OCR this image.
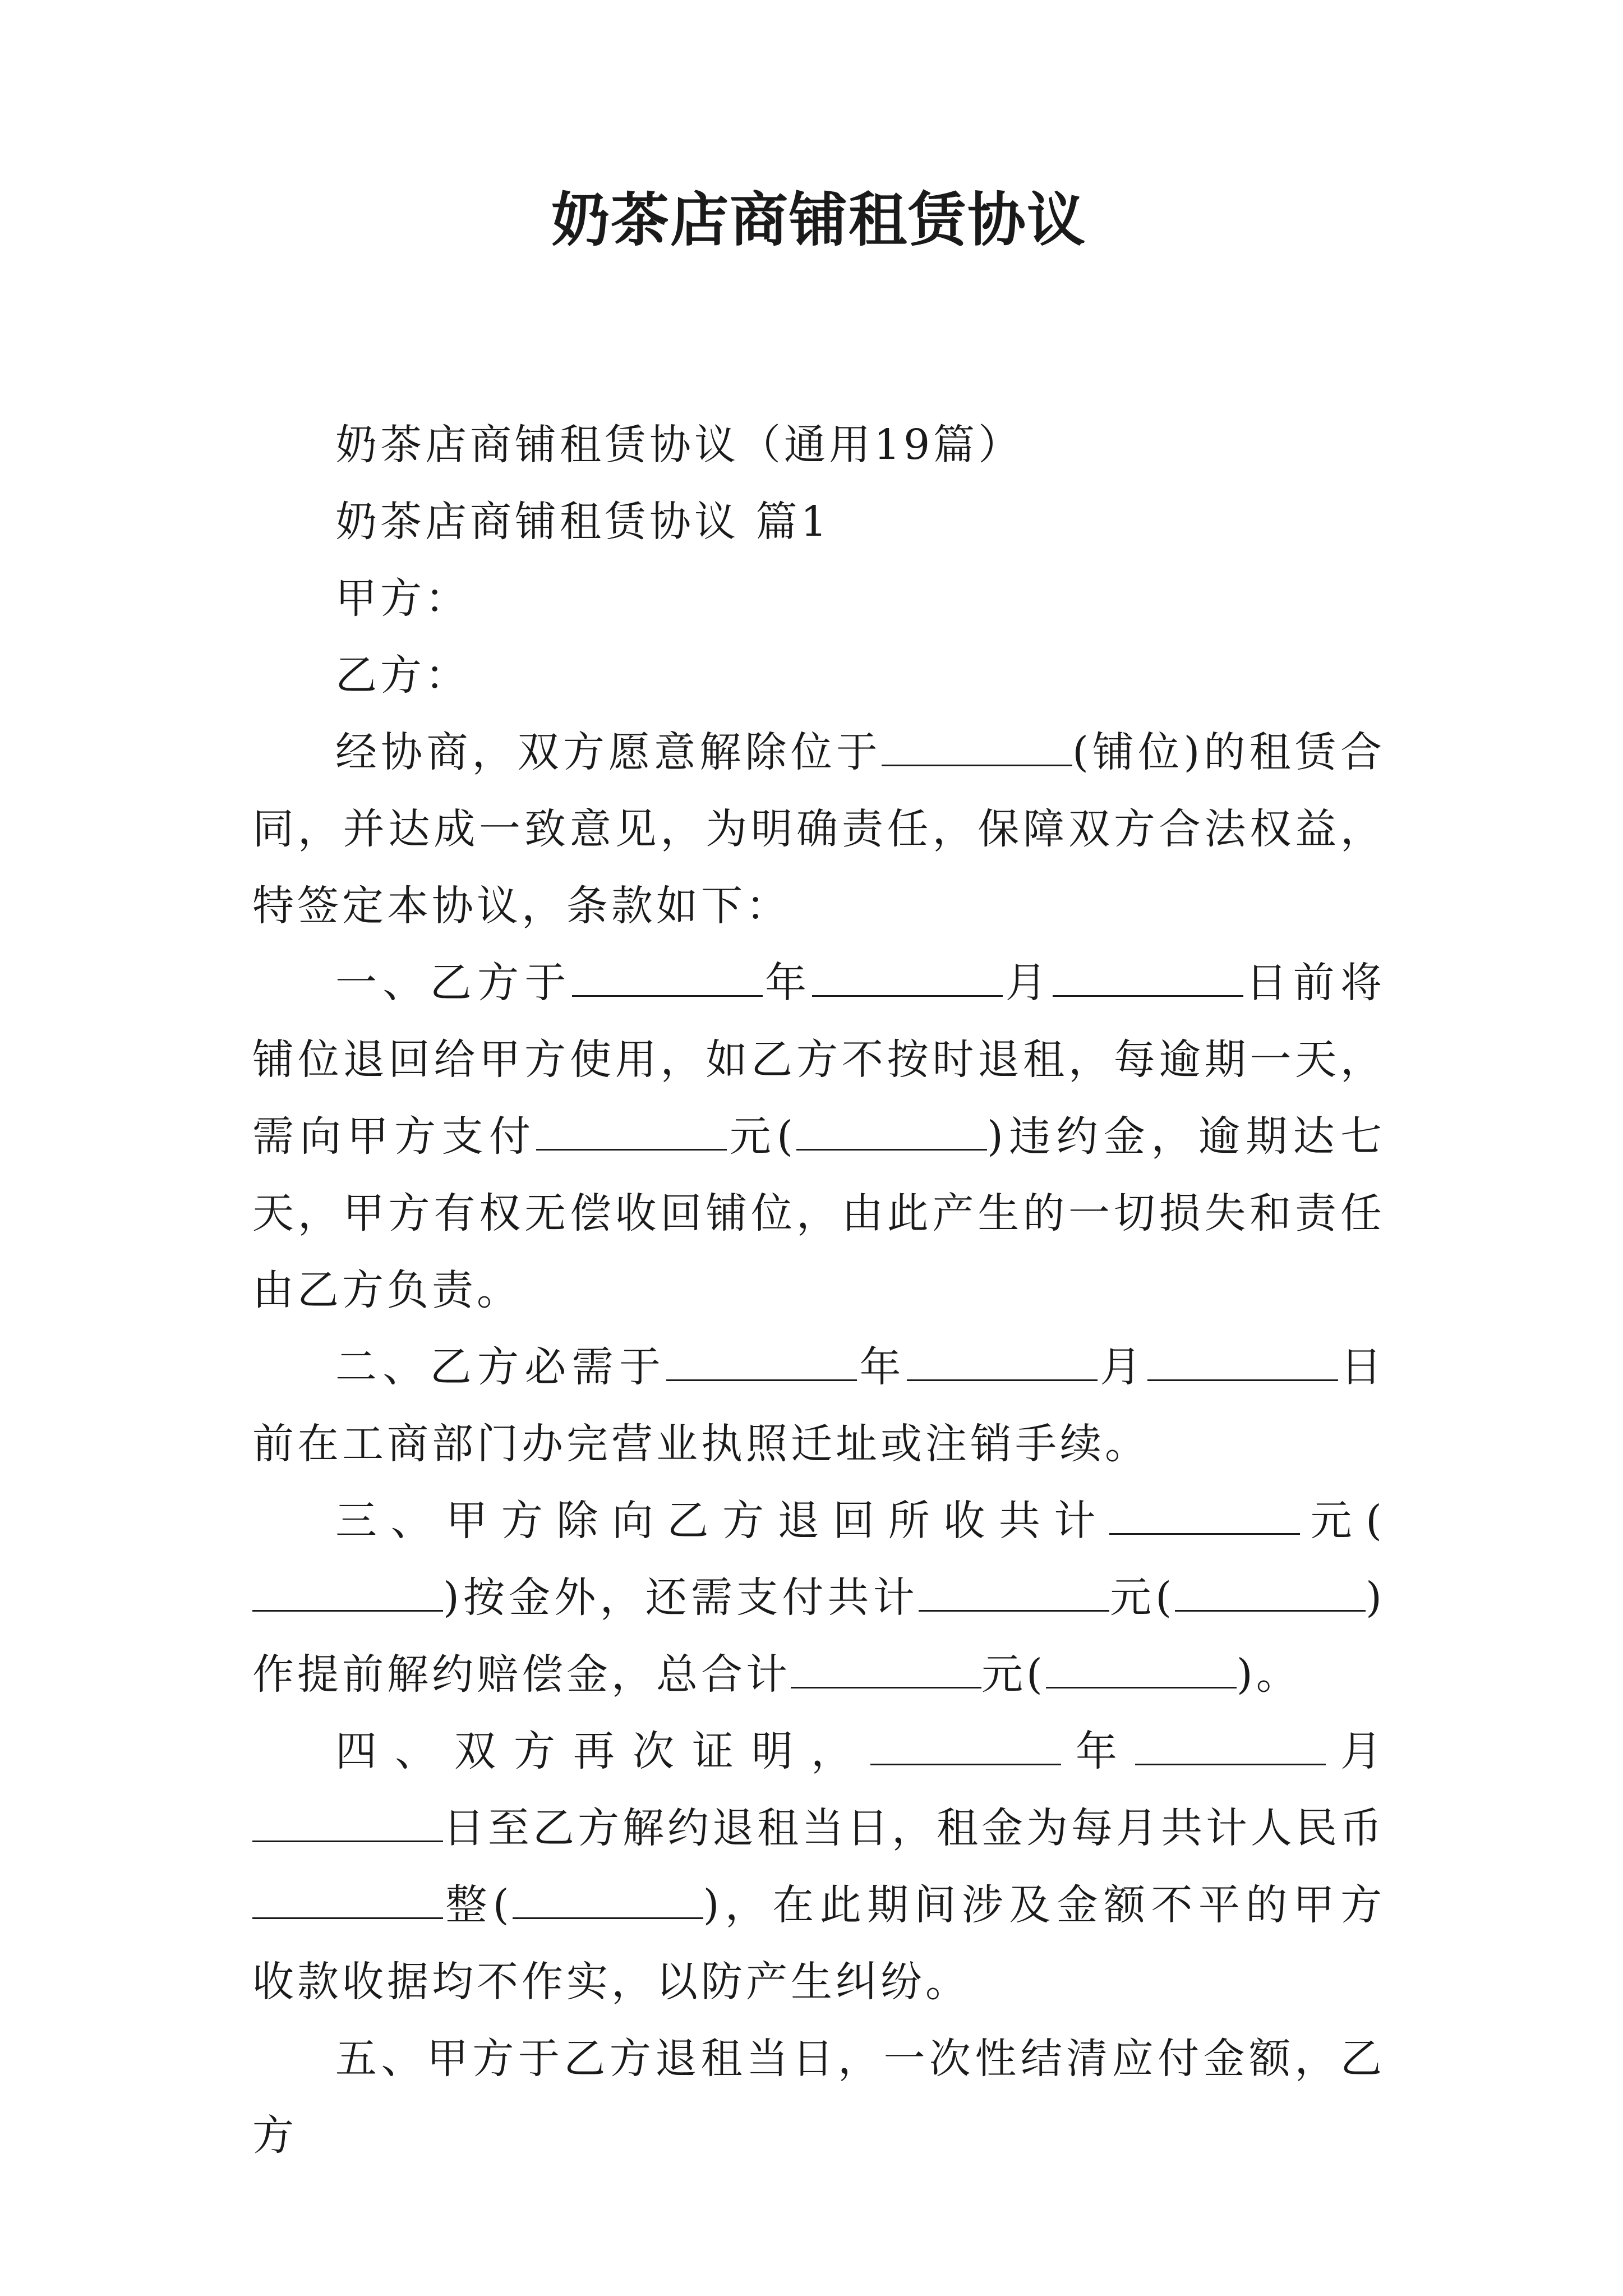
奶茶店商铺租赁协议

奶茶店商铺租赁协议（通用19篇）

奶茶店商铺租赁协议 篇1

甲方：

乙方：

经协商，双方愿意解除位于	(铺位)的租赁合同，并达成一致意见，为明确责任，保障双方合法权益，特签定本协议，条款如下：

一、乙方于	年	月	日前将铺位退回给甲方使用，如乙方不按时退租，每逾期一天，需向甲方支付	元(	)违约金，逾期达七天，甲方有权无偿收回铺位，由此产生的一切损失和责任由乙方负责。

二、乙方必需于	年	月	日前在工商部门办完营业执照迁址或注销手续。

三、甲方除向乙方退回所收共计	元()按金外，还需支付共计	元(	)作提前解约赔偿金，总合计	元(	)。

四、双方再次证明，	年	月日至乙方解约退租当日，租金为每月共计人民币整(	)，在此期间涉及金额不平的甲方收款收据均不作实，以防产生纠纷。

五、甲方于乙方退租当日，一次性结清应付金额，乙方
